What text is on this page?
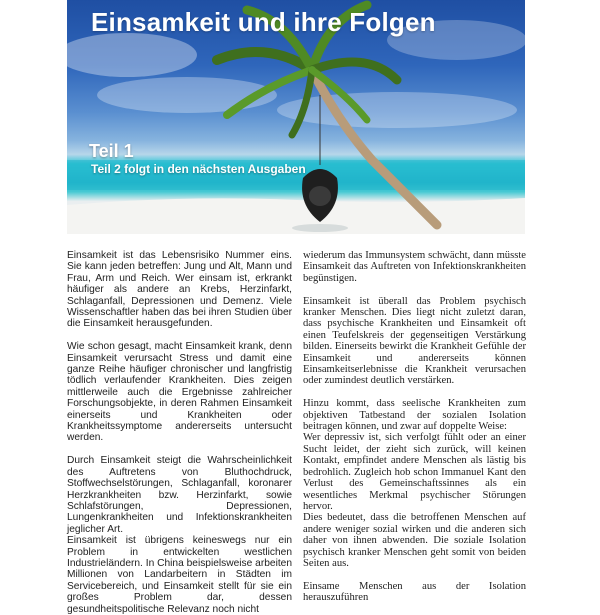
Einsamkeit und ihre Folgen
Teil 1
Teil 2 folgt in den nächsten Ausgaben

Einsamkeit ist das Lebensrisiko Nummer eins. Sie kann jeden betreffen: Jung und Alt, Mann und Frau, Arm und Reich. Wer einsam ist, erkrankt häufiger als andere an Krebs, Herzinfarkt, Schlaganfall, Depressionen und Demenz. Viele Wissenschaftler haben das bei ihren Studien über die Einsamkeit herausgefunden.

Wie schon gesagt, macht Einsamkeit krank, denn Einsamkeit verursacht Stress und damit eine ganze Reihe häufiger chronischer und langfristig tödlich verlaufender Krankheiten. Dies zeigen mittlerweile auch die Ergebnisse zahlreicher Forschungsobjekte, in deren Rahmen Einsamkeit einerseits und Krankheiten oder Krankheitssymptome andererseits untersucht werden.

Durch Einsamkeit steigt die Wahrscheinlichkeit des Auftretens von Bluthochdruck, Stoffwechselstörungen, Schlaganfall, koronarer Herzkrankheiten bzw. Herzinfarkt, sowie Schlafstörungen, Depressionen, Lungenkrankheiten und Infektionskrankheiten jeglicher Art.

Einsamkeit ist übrigens keineswegs nur ein Problem in entwickelten westlichen Industrieländern. In China beispielsweise arbeiten Millionen von Landarbeitern in Städten im Servicebereich, und Einsamkeit stellt für sie ein großes Problem dar, dessen gesundheitspolitische Relevanz noch nicht

wiederum das Immunsystem schwächt, dann müsste Einsamkeit das Auftreten von Infektionskrankheiten begünstigen.

Einsamkeit ist überall das Problem psychisch kranker Menschen. Dies liegt nicht zuletzt daran, dass psychische Krankheiten und Einsamkeit oft einen Teufelskreis der gegenseitigen Verstärkung bilden. Einerseits bewirkt die Krankheit Gefühle der Einsamkeit und andererseits können Einsamkeitserlebnisse die Krankheit verursachen oder zumindest deutlich verstärken.

Hinzu kommt, dass seelische Krankheiten zum objektiven Tatbestand der sozialen Isolation beitragen können, und zwar auf doppelte Weise:

Wer depressiv ist, sich verfolgt fühlt oder an einer Sucht leidet, der zieht sich zurück, will keinen Kontakt, empfindet andere Menschen als lästig bis bedrohlich. Zugleich hob schon Immanuel Kant den Verlust des Gemeinschaftssinnes als ein wesentliches Merkmal psychischer Störungen hervor.

Dies bedeutet, dass die betroffenen Menschen auf andere weniger sozial wirken und die anderen sich daher von ihnen abwenden. Die soziale Isolation psychisch kranker Menschen geht somit von beiden Seiten aus.

Einsame Menschen aus der Isolation herauszuführen
